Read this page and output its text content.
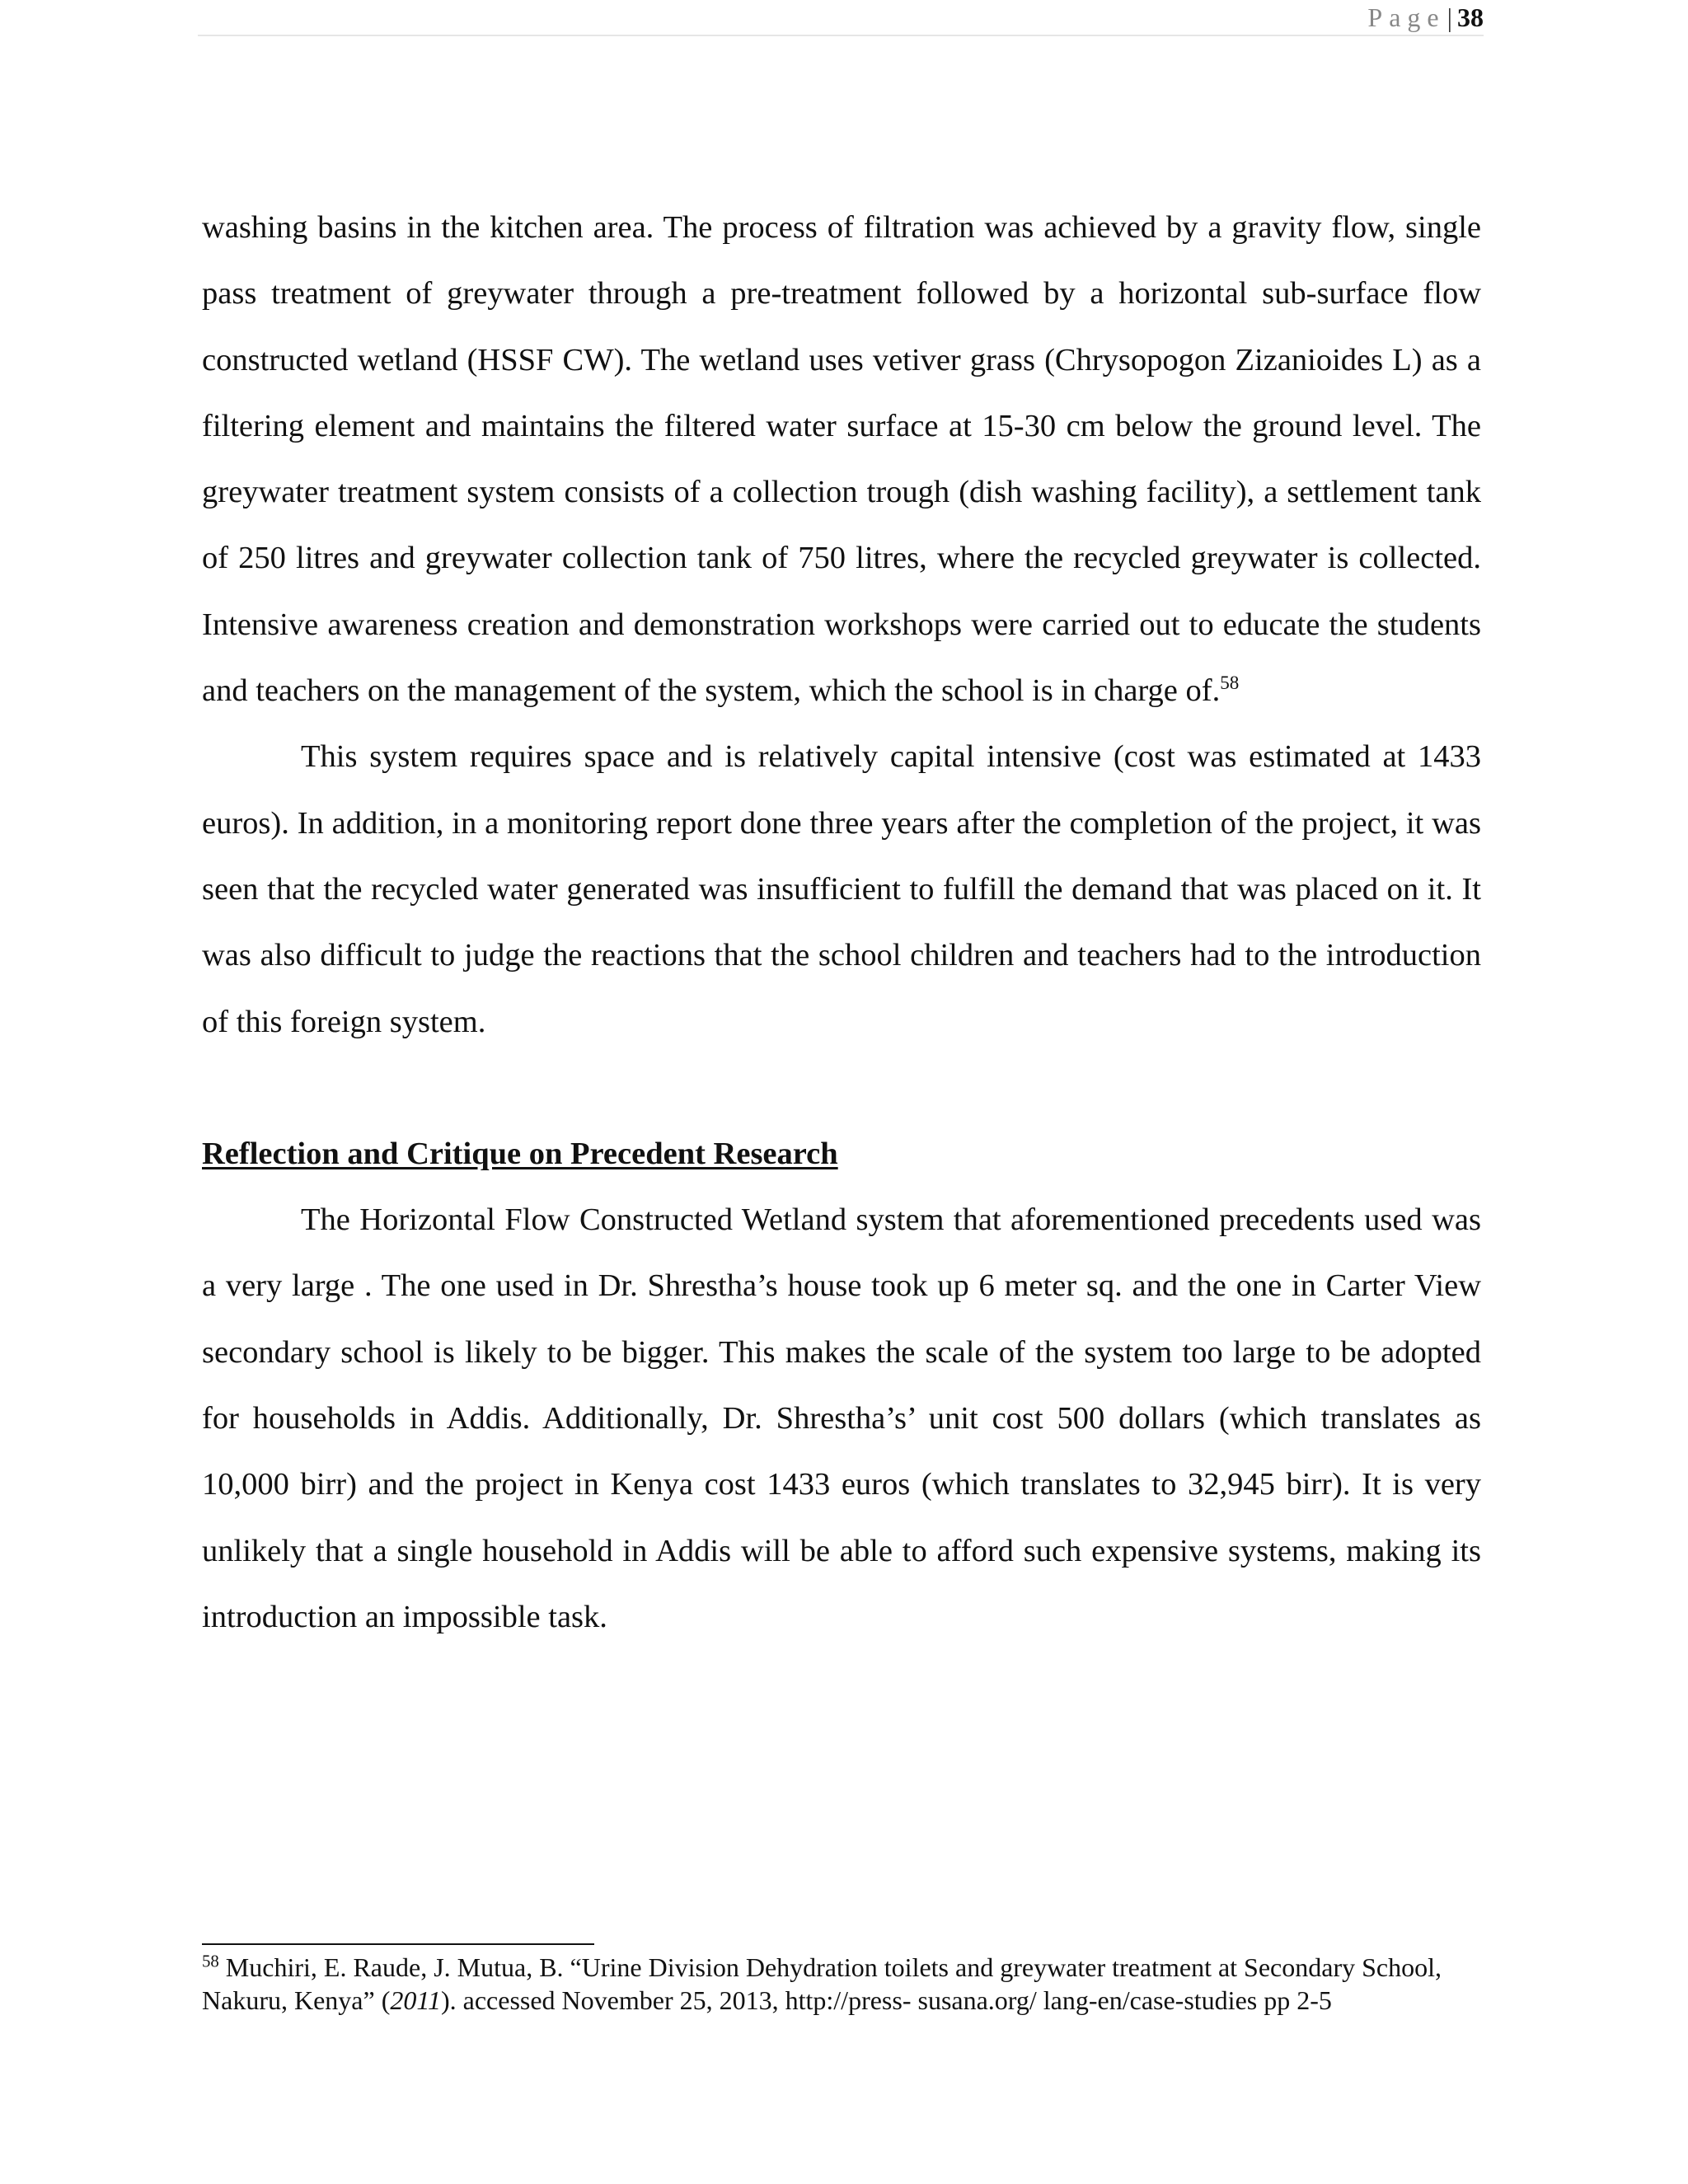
Page| 38

washing basins in the kitchen area. The process of filtration was achieved by a gravity flow, single pass treatment of greywater through a pre-treatment followed by a horizontal sub-surface flow constructed wetland (HSSF CW). The wetland uses vetiver grass (Chrysopogon Zizanioides L) as a filtering element and maintains the filtered water surface at 15-30 cm below the ground level. The greywater treatment system consists of a collection trough (dish washing facility), a settlement tank of 250 litres and greywater collection tank of 750 litres, where the recycled greywater is collected. Intensive awareness creation and demonstration workshops were carried out to educate the students and teachers on the management of the system, which the school is in charge of.$^{58}$

This system requires space and is relatively capital intensive (cost was estimated at 1433 euros). In addition, in a monitoring report done three years after the completion of the project, it was seen that the recycled water generated was insufficient to fulfill the demand that was placed on it. It was also difficult to judge the reactions that the school children and teachers had to the introduction of this foreign system.

Reflection and Critique on Precedent Research

The Horizontal Flow Constructed Wetland system that aforementioned precedents used was a very large . The one used in Dr. Shrestha’s house took up 6 meter sq. and the one in Carter View secondary school is likely to be bigger. This makes the scale of the system too large to be adopted for households in Addis. Additionally, Dr. Shrestha’s’ unit cost 500 dollars (which translates as 10,000 birr) and the project in Kenya cost 1433 euros (which translates to 32,945 birr). It is very unlikely that a single household in Addis will be able to afford such expensive systems, making its introduction an impossible task.

$^{58}$ Muchiri, E. Raude, J. Mutua, B. “Urine Division Dehydration toilets and greywater treatment at Secondary School, Nakuru, Kenya” (2011). accessed November 25, 2013, http://press- susana.org/ lang-en/case-studies pp 2-5
